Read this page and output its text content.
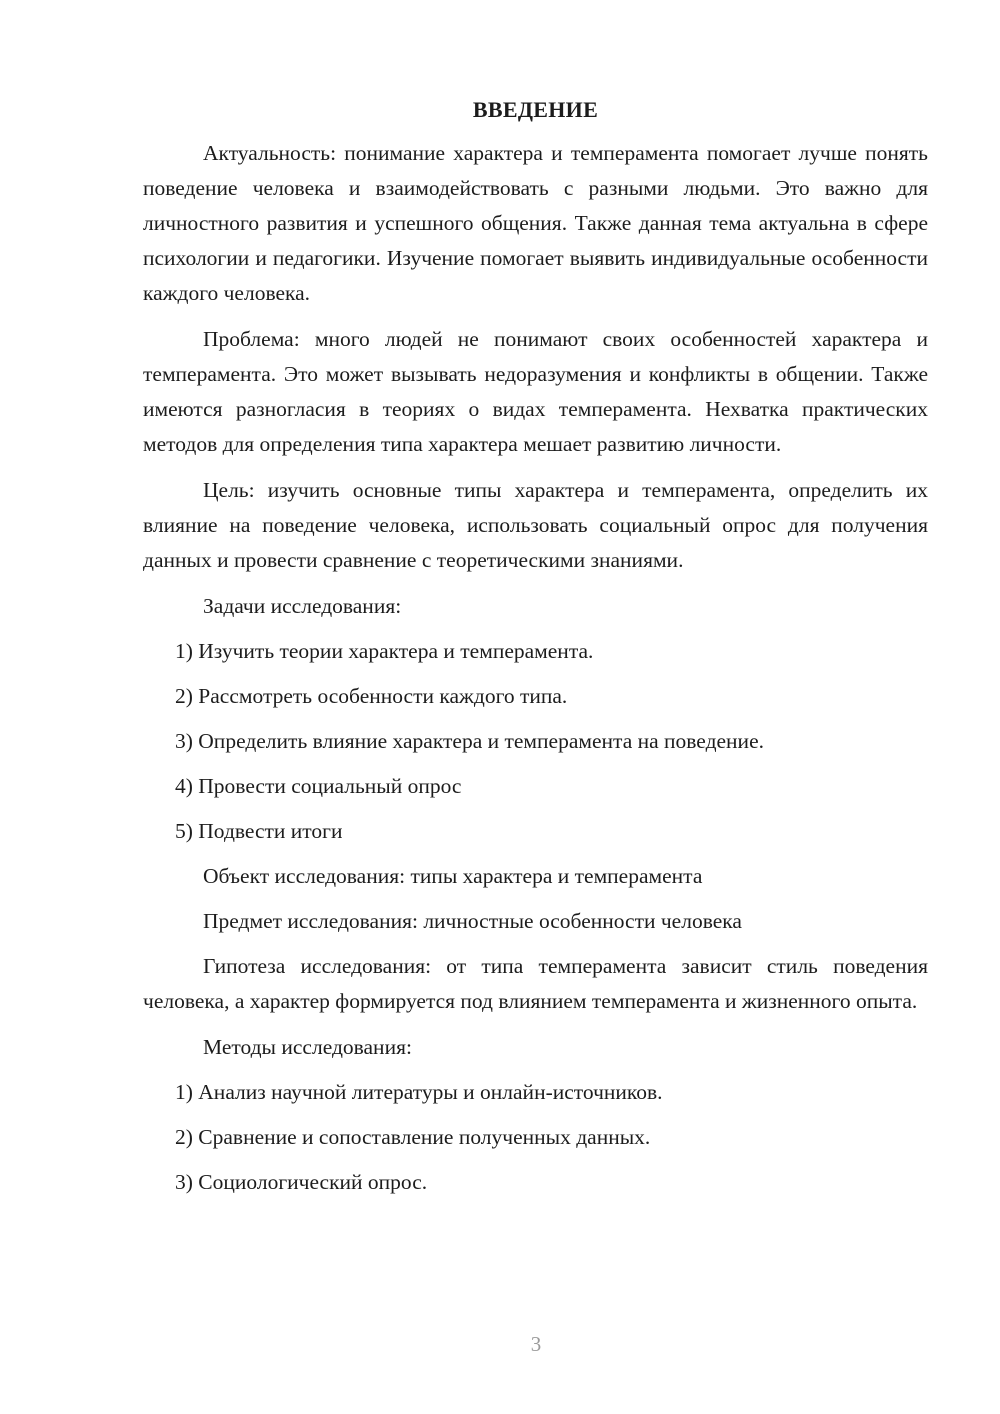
ВВЕДЕНИЕ

Актуальность: понимание характера и темперамента помогает лучше понять поведение человека и взаимодействовать с разными людьми. Это важно для личностного развития и успешного общения. Также данная тема актуальна в сфере психологии и педагогики. Изучение помогает выявить индивидуальные особенности каждого человека.

Проблема: много людей не понимают своих особенностей характера и темперамента. Это может вызывать недоразумения и конфликты в общении. Также имеются разногласия в теориях о видах темперамента. Нехватка практических методов для определения типа характера мешает развитию личности.

Цель: изучить основные типы характера и темперамента, определить их влияние на поведение человека, использовать социальный опрос для получения данных и провести сравнение с теоретическими знаниями.

Задачи исследования:
1) Изучить теории характера и темперамента.
2) Рассмотреть особенности каждого типа.
3) Определить влияние характера и темперамента на поведение.
4) Провести социальный опрос
5) Подвести итоги
Объект исследования: типы характера и темперамента
Предмет исследования: личностные особенности человека

Гипотеза исследования: от типа темперамента зависит стиль поведения человека, а характер формируется под влиянием темперамента и жизненного опыта.

Методы исследования:
1) Анализ научной литературы и онлайн-источников.
2) Сравнение и сопоставление полученных данных.
3) Социологический опрос.
3
